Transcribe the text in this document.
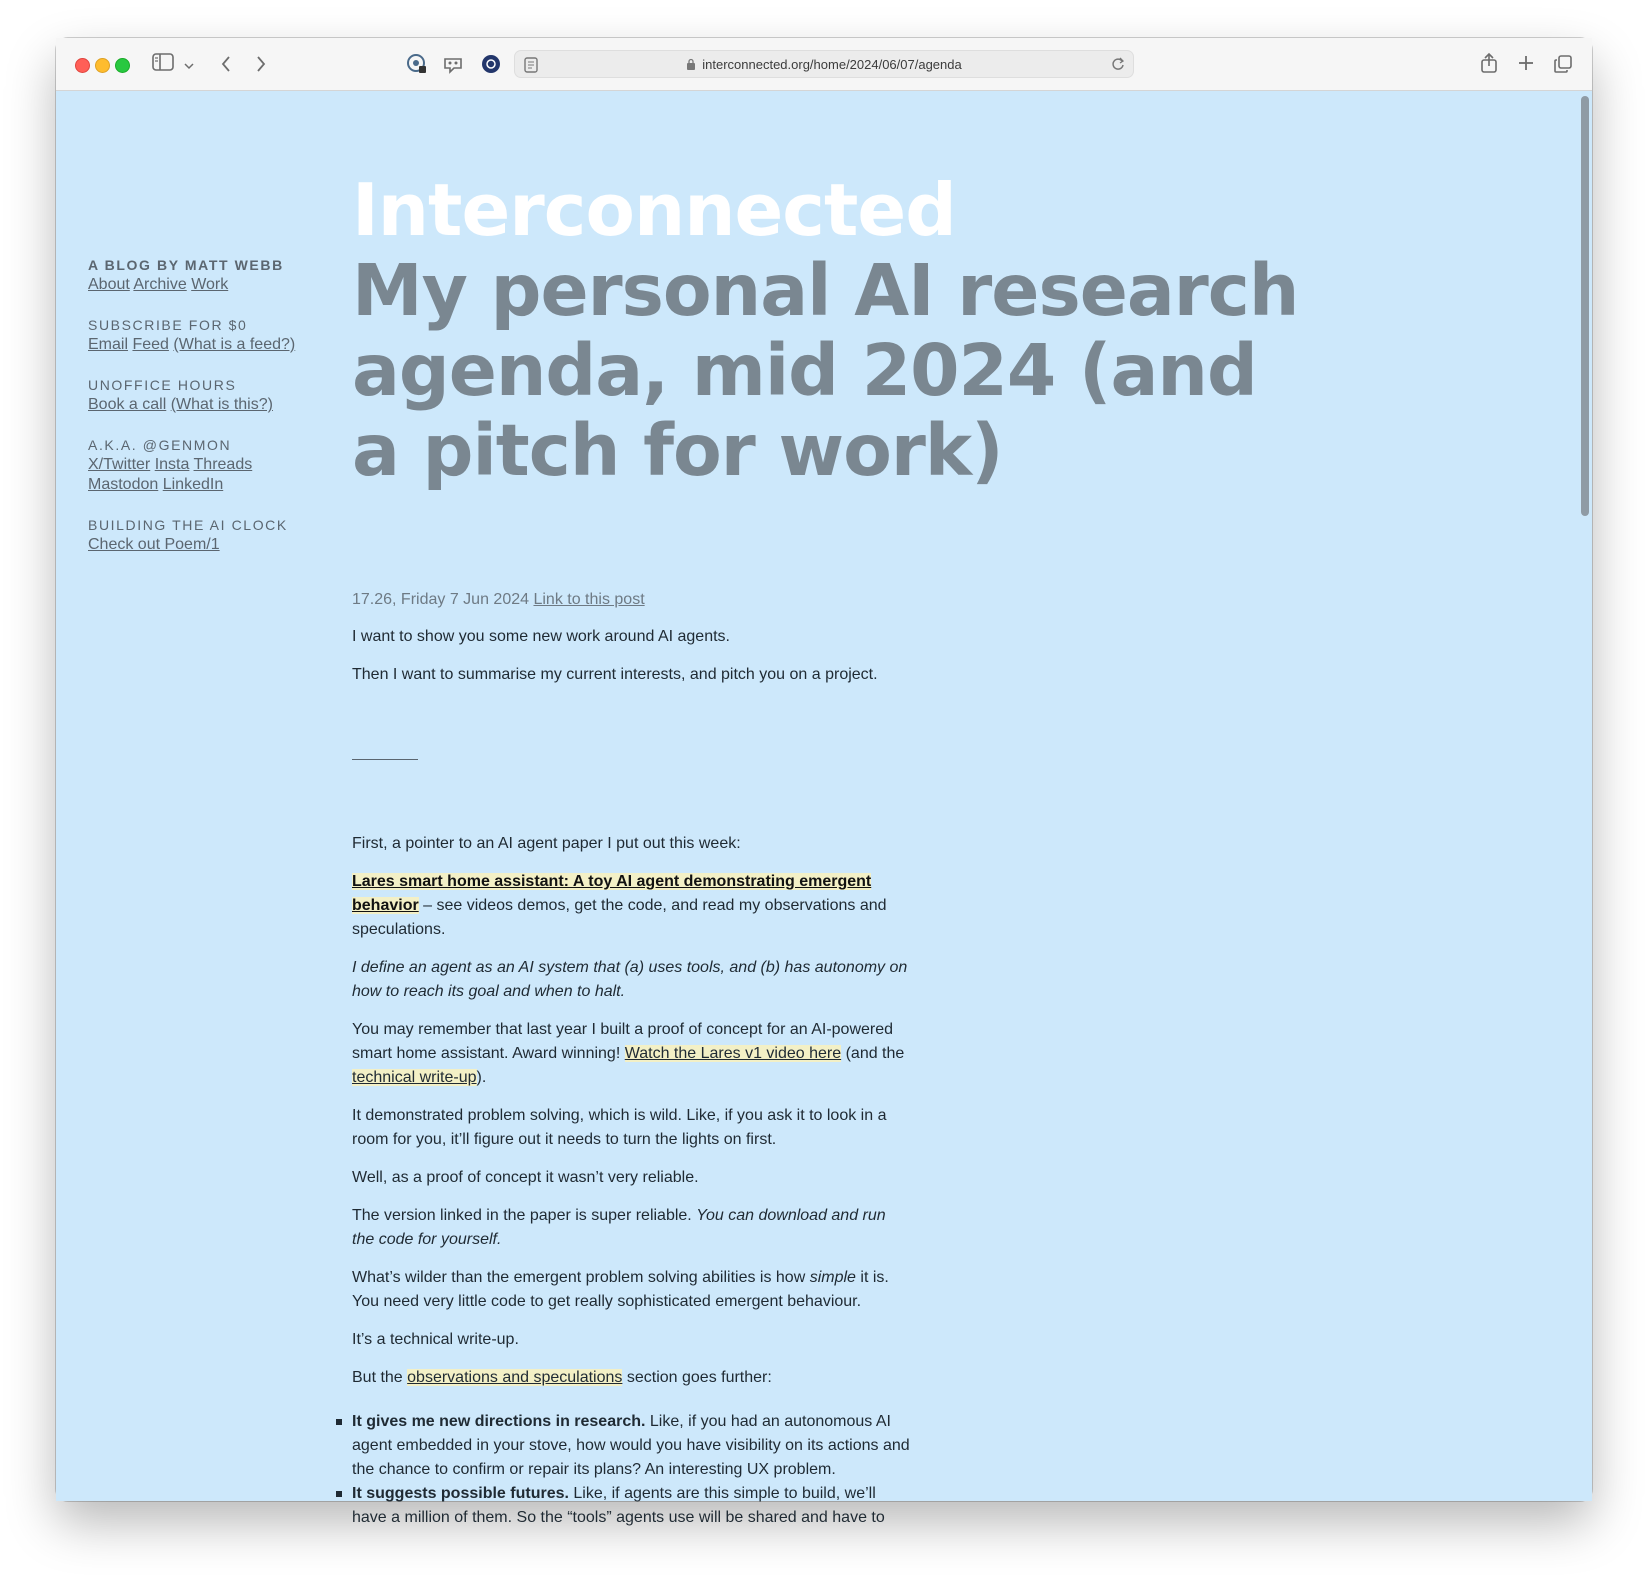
interconnected.org/home/2024/06/07/agenda
A BLOG BY MATT WEBB
About Archive Work
SUBSCRIBE FOR $0
Email Feed (What is a feed?)
UNOFFICE HOURS
Book a call (What is this?)
A.K.A. @GENMON
X/Twitter Insta Threads
Mastodon LinkedIn
BUILDING THE AI CLOCK
Check out Poem/1
Interconnected
My personal AI research agenda, mid 2024 (and a pitch for work)
17.26, Friday 7 Jun 2024 Link to this post

I want to show you some new work around AI agents.

Then I want to summarise my current interests, and pitch you on a project.

First, a pointer to an AI agent paper I put out this week:

Lares smart home assistant: A toy AI agent demonstrating emergent behavior – see videos demos, get the code, and read my observations and speculations.

I define an agent as an AI system that (a) uses tools, and (b) has autonomy on how to reach its goal and when to halt.

You may remember that last year I built a proof of concept for an AI-powered smart home assistant. Award winning! Watch the Lares v1 video here (and the technical write-up).

It demonstrated problem solving, which is wild. Like, if you ask it to look in a room for you, it’ll figure out it needs to turn the lights on first.

Well, as a proof of concept it wasn’t very reliable.

The version linked in the paper is super reliable. You can download and run the code for yourself.

What’s wilder than the emergent problem solving abilities is how simple it is. You need very little code to get really sophisticated emergent behaviour.

It’s a technical write-up.

But the observations and speculations section goes further:

It gives me new directions in research. Like, if you had an autonomous AI agent embedded in your stove, how would you have visibility on its actions and the chance to confirm or repair its plans? An interesting UX problem.
It suggests possible futures. Like, if agents are this simple to build, we’ll have a million of them. So the “tools” agents use will be shared and have to
